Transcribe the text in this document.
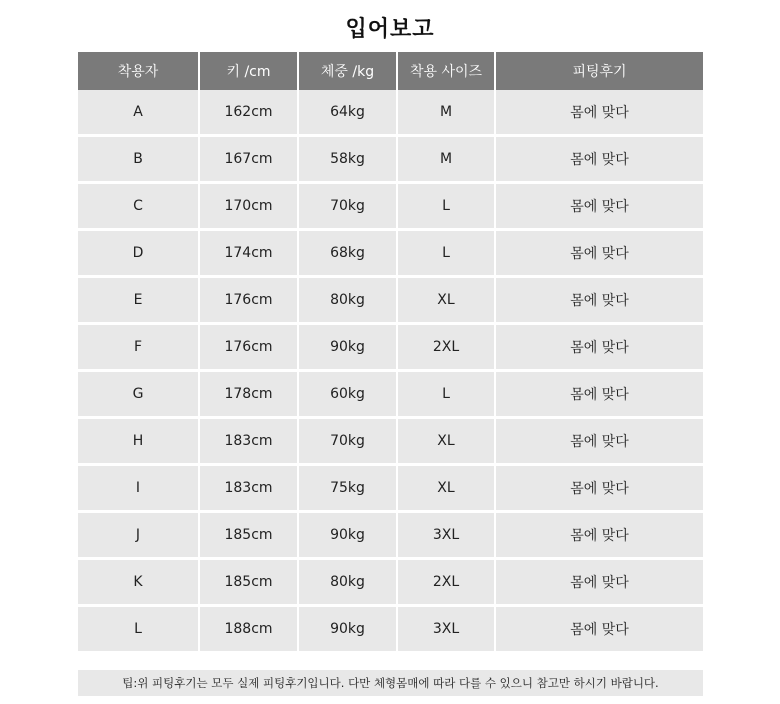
입어보고
착용자	키 /cm	체중 /kg	착용 사이즈	피팅후기
A	162cm	64kg	M	몸에 맞다
B	167cm	58kg	M	몸에 맞다
C	170cm	70kg	L	몸에 맞다
D	174cm	68kg	L	몸에 맞다
E	176cm	80kg	XL	몸에 맞다
F	176cm	90kg	2XL	몸에 맞다
G	178cm	60kg	L	몸에 맞다
H	183cm	70kg	XL	몸에 맞다
I	183cm	75kg	XL	몸에 맞다
J	185cm	90kg	3XL	몸에 맞다
K	185cm	80kg	2XL	몸에 맞다
L	188cm	90kg	3XL	몸에 맞다
팁:위 피팅후기는 모두 실제 피팅후기입니다. 다만 체형몸매에 따라 다를 수 있으니 참고만 하시기 바랍니다.
